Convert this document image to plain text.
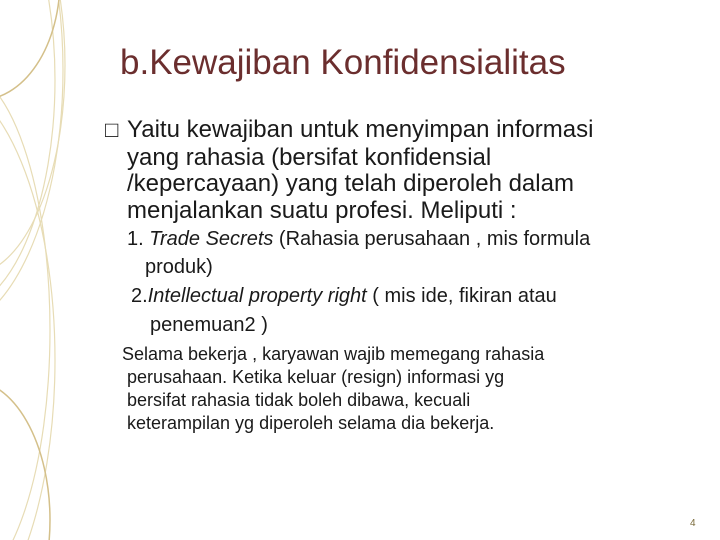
b.Kewajiban Konfidensialitas
□ Yaitu kewajiban untuk menyimpan informasi
yang rahasia (bersifat konfidensial
/kepercayaan) yang telah diperoleh dalam
menjalankan suatu profesi. Meliputi :
1. Trade Secrets (Rahasia perusahaan , mis formula
produk)
2.Intellectual property right ( mis ide, fikiran atau
penemuan2 )
Selama bekerja , karyawan wajib memegang rahasia
perusahaan. Ketika keluar (resign) informasi yg
bersifat rahasia tidak boleh dibawa, kecuali
keterampilan yg diperoleh selama dia bekerja.
4
